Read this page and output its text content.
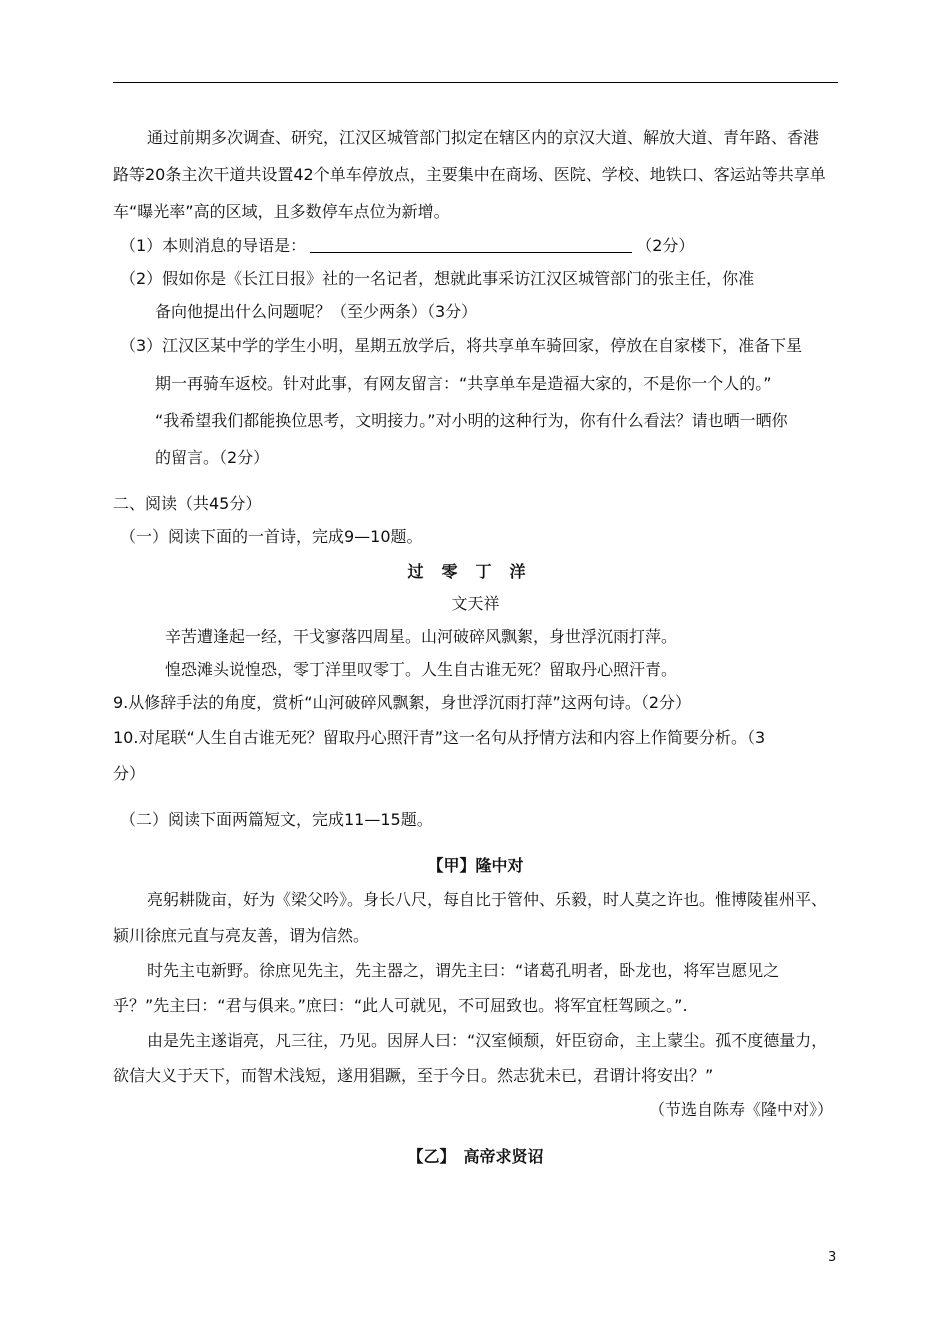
通过前期多次调查、研究，江汉区城管部门拟定在辖区内的京汉大道、解放大道、青年路、香港
路等20条主次干道共设置42个单车停放点，主要集中在商场、医院、学校、地铁口、客运站等共享单
车“曝光率”高的区域，且多数停车点位为新增。
（1）本则消息的导语是：	（2分）
（2）假如你是《长江日报》社的一名记者，想就此事采访江汉区城管部门的张主任，你准
备向他提出什么问题呢？（至少两条）（3分）
（3）江汉区某中学的学生小明，星期五放学后，将共享单车骑回家，停放在自家楼下，准备下星
期一再骑车返校。针对此事，有网友留言：“共享单车是造福大家的，不是你一个人的。”
“我希望我们都能换位思考，文明接力。”对小明的这种行为，你有什么看法？请也晒一晒你
的留言。（2分）
二、阅读（共45分）
（一）阅读下面的一首诗，完成9—10题。
过零丁洋
文天祥
辛苦遭逢起一经，干戈寥落四周星。山河破碎风飘絮，身世浮沉雨打萍。
惶恐滩头说惶恐，零丁洋里叹零丁。人生自古谁无死？留取丹心照汗青。
9.从修辞手法的角度，赏析“山河破碎风飘絮，身世浮沉雨打萍”这两句诗。（2分）
10.对尾联“人生自古谁无死？留取丹心照汗青”这一名句从抒情方法和内容上作简要分析。（3
分）
（二）阅读下面两篇短文，完成11—15题。
【甲】隆中对
亮躬耕陇亩，好为《梁父吟》。身长八尺，每自比于管仲、乐毅，时人莫之许也。惟博陵崔州平、
颍川徐庶元直与亮友善，谓为信然。
时先主屯新野。徐庶见先主，先主器之，谓先主曰：“诸葛孔明者，卧龙也，将军岂愿见之
乎？”先主曰：“君与俱来。”庶曰：“此人可就见，不可屈致也。将军宜枉驾顾之。”.
由是先主遂诣亮，凡三往，乃见。因屏人曰：“汉室倾颓，奸臣窃命，主上蒙尘。孤不度德量力，
欲信大义于天下，而智术浅短，遂用猖蹶，至于今日。然志犹未已，君谓计将安出？”
（节选自陈寿《隆中对》）
【乙】　高帝求贤诏
3
